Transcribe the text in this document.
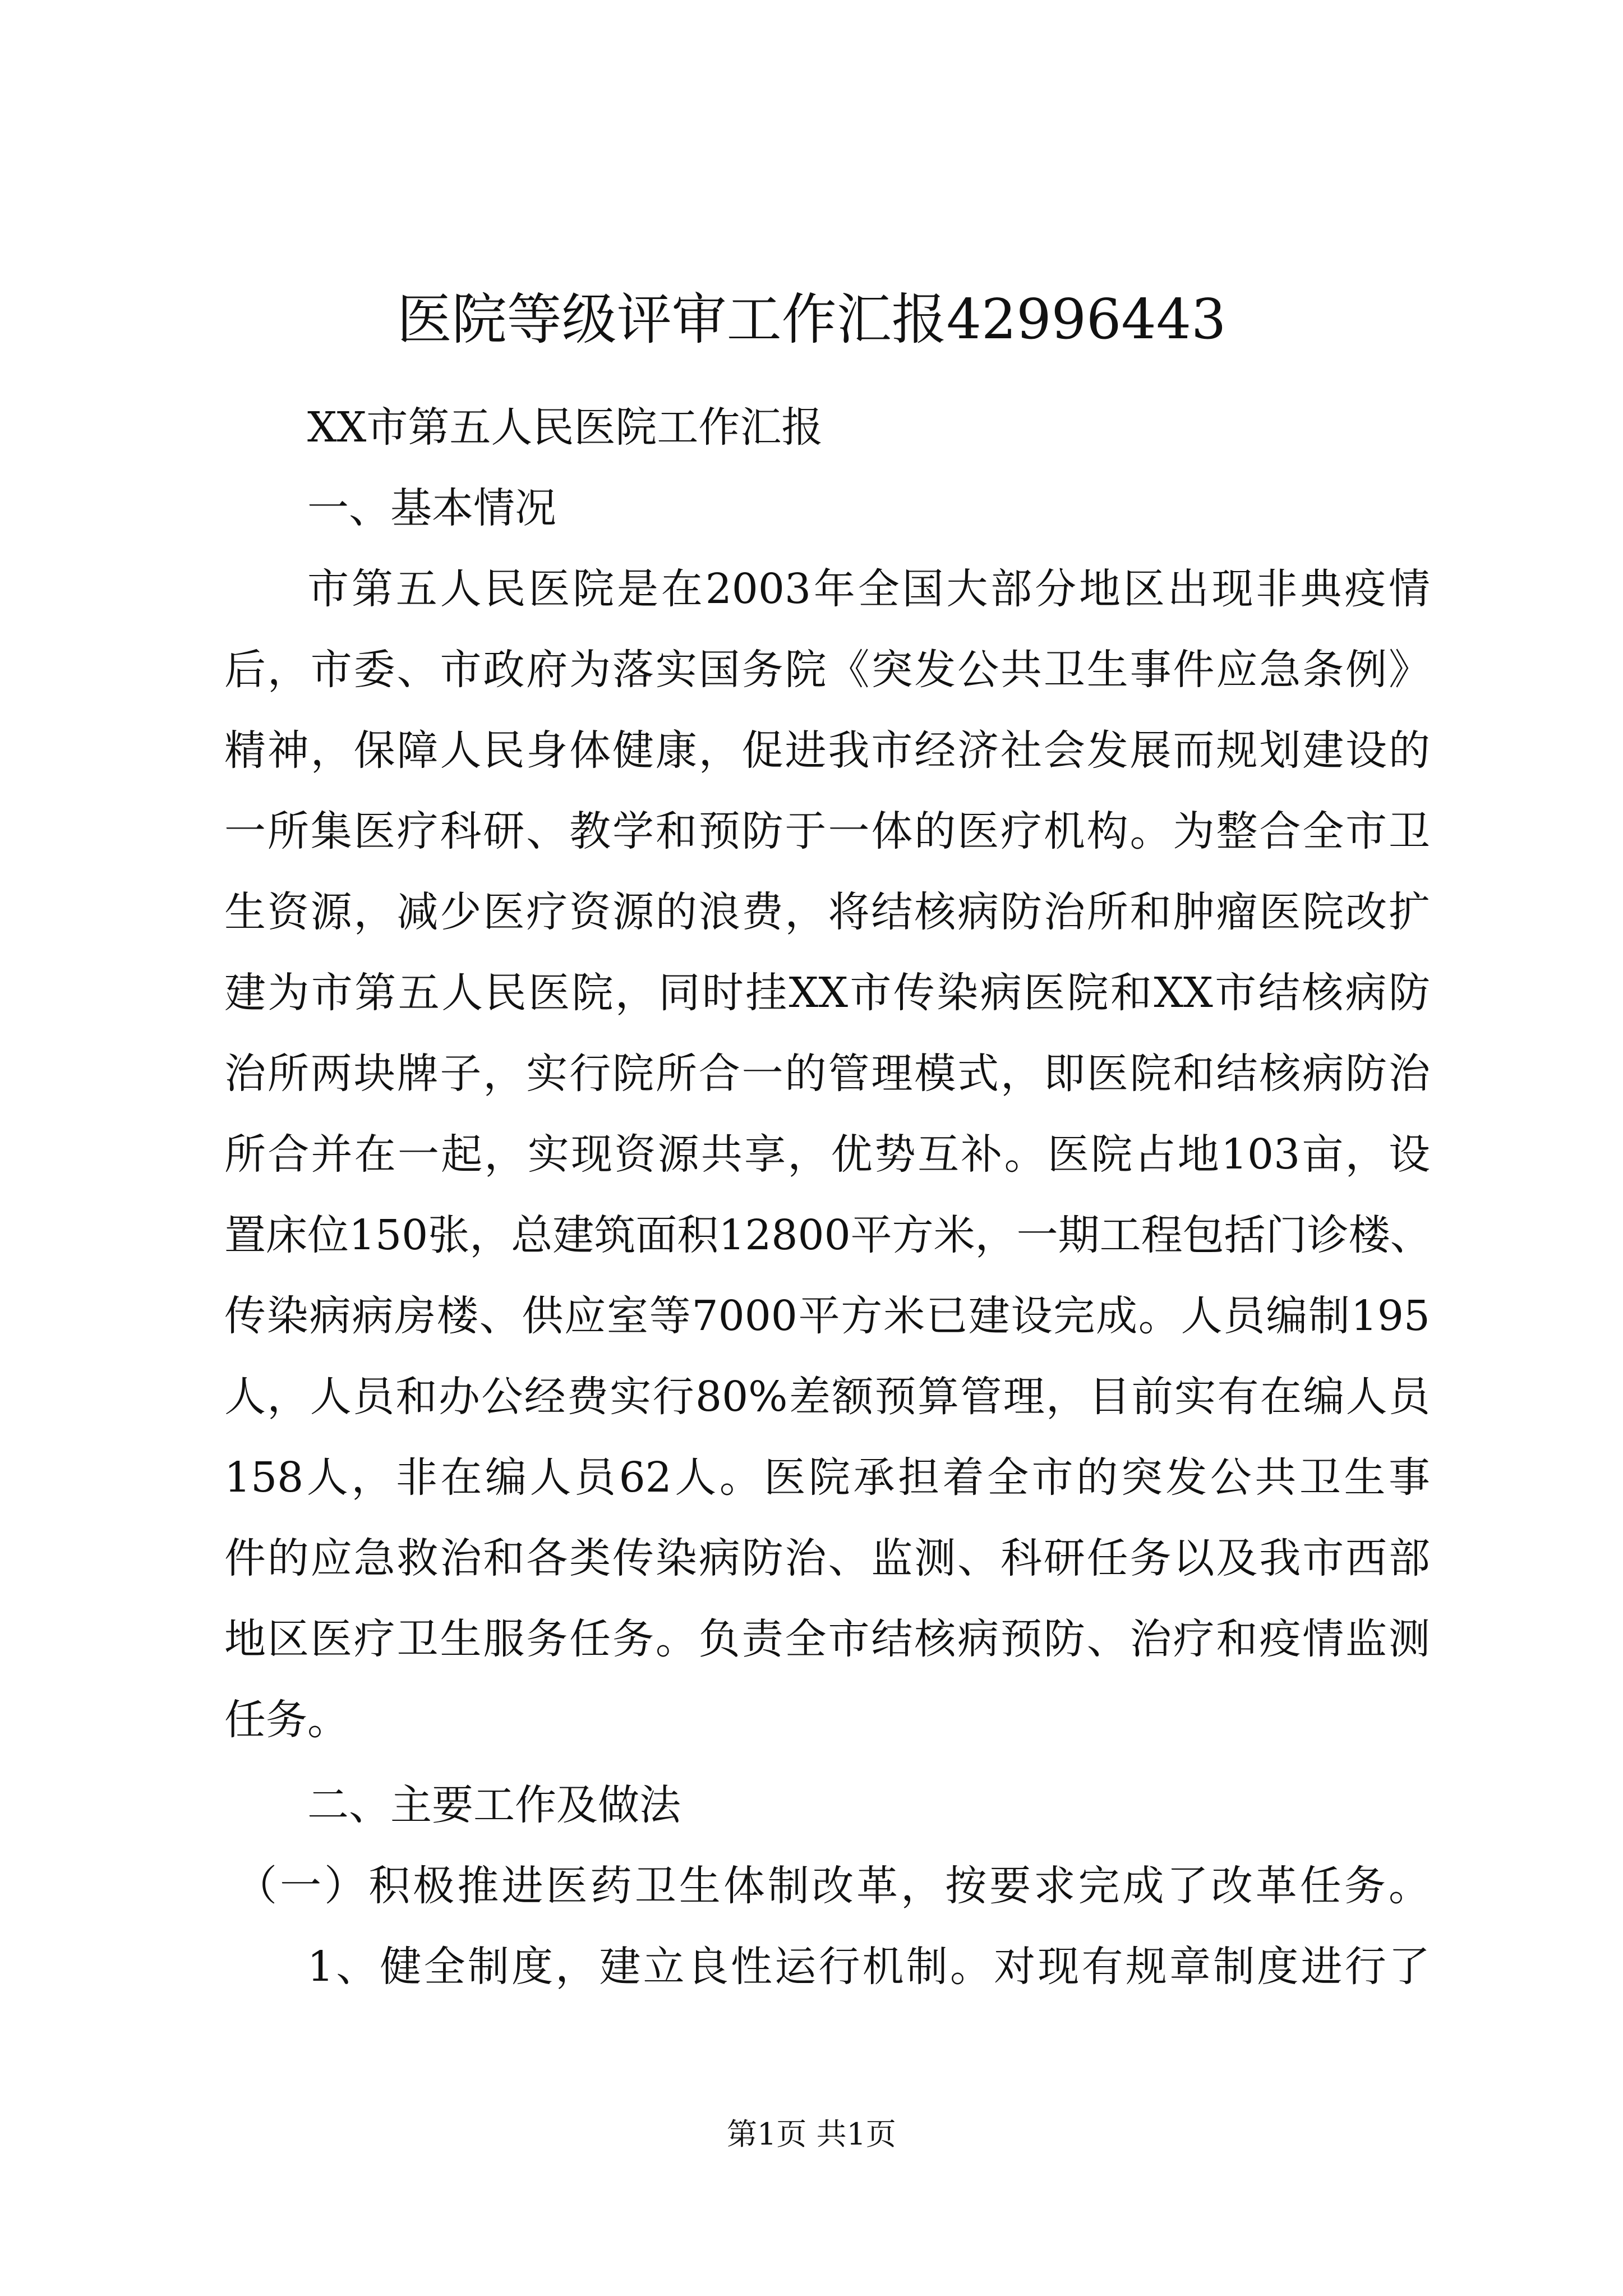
医院等级评审工作汇报42996443
XX市第五人民医院工作汇报
一、基本情况
市第五人民医院是在2003年全国大部分地区出现非典疫情
后，市委、市政府为落实国务院《突发公共卫生事件应急条例》
精神，保障人民身体健康，促进我市经济社会发展而规划建设的
一所集医疗科研、教学和预防于一体的医疗机构。为整合全市卫
生资源，减少医疗资源的浪费，将结核病防治所和肿瘤医院改扩
建为市第五人民医院，同时挂XX市传染病医院和XX市结核病防
治所两块牌子，实行院所合一的管理模式，即医院和结核病防治
所合并在一起，实现资源共享，优势互补。医院占地103亩，设
置床位150张，总建筑面积12800平方米，一期工程包括门诊楼、
传染病病房楼、供应室等7000平方米已建设完成。人员编制195
人，人员和办公经费实行80%差额预算管理，目前实有在编人员
158人，非在编人员62人。医院承担着全市的突发公共卫生事
件的应急救治和各类传染病防治、监测、科研任务以及我市西部
地区医疗卫生服务任务。负责全市结核病预防、治疗和疫情监测
任务。
二、主要工作及做法
（一）积极推进医药卫生体制改革，按要求完成了改革任务。
1、健全制度，建立良性运行机制。对现有规章制度进行了
第1页 共1页
